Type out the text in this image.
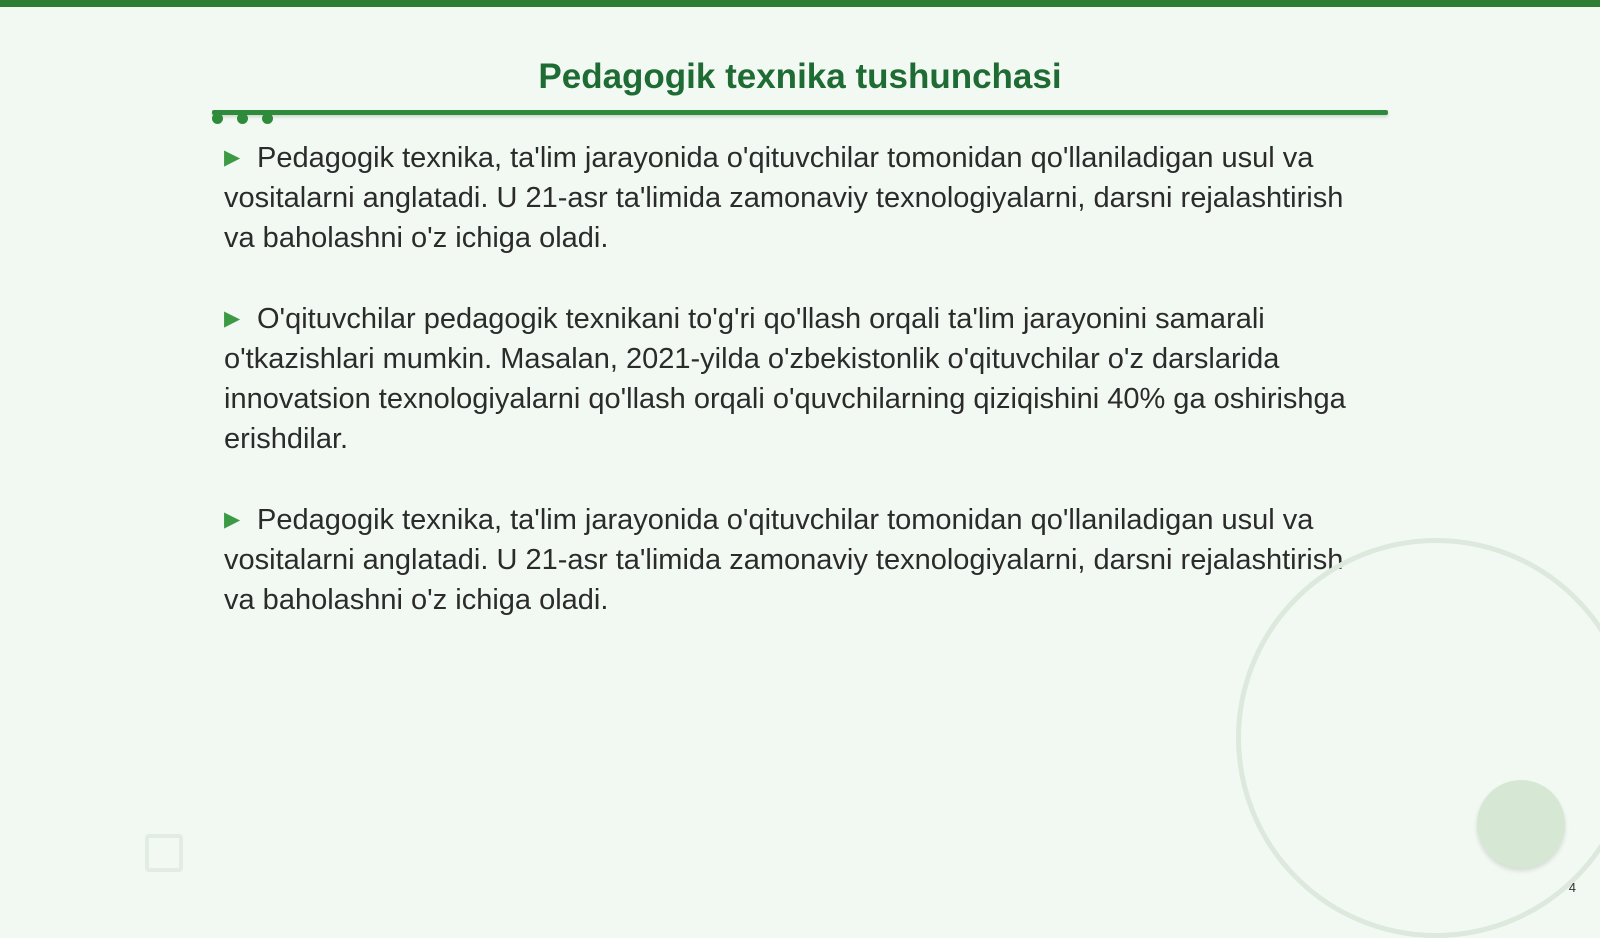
Pedagogik texnika tushunchasi

▶ Pedagogik texnika, ta'lim jarayonida o'qituvchilar tomonidan qo'llaniladigan usul va vositalarni anglatadi. U 21-asr ta'limida zamonaviy texnologiyalarni, darsni rejalashtirish va baholashni o'z ichiga oladi.

▶ O'qituvchilar pedagogik texnikani to'g'ri qo'llash orqali ta'lim jarayonini samarali o'tkazishlari mumkin. Masalan, 2021-yilda o'zbekistonlik o'qituvchilar o'z darslarida innovatsion texnologiyalarni qo'llash orqali o'quvchilarning qiziqishini 40% ga oshirishga erishdilar.

▶ Pedagogik texnika, ta'lim jarayonida o'qituvchilar tomonidan qo'llaniladigan usul va vositalarni anglatadi. U 21-asr ta'limida zamonaviy texnologiyalarni, darsni rejalashtirish va baholashni o'z ichiga oladi.

4
